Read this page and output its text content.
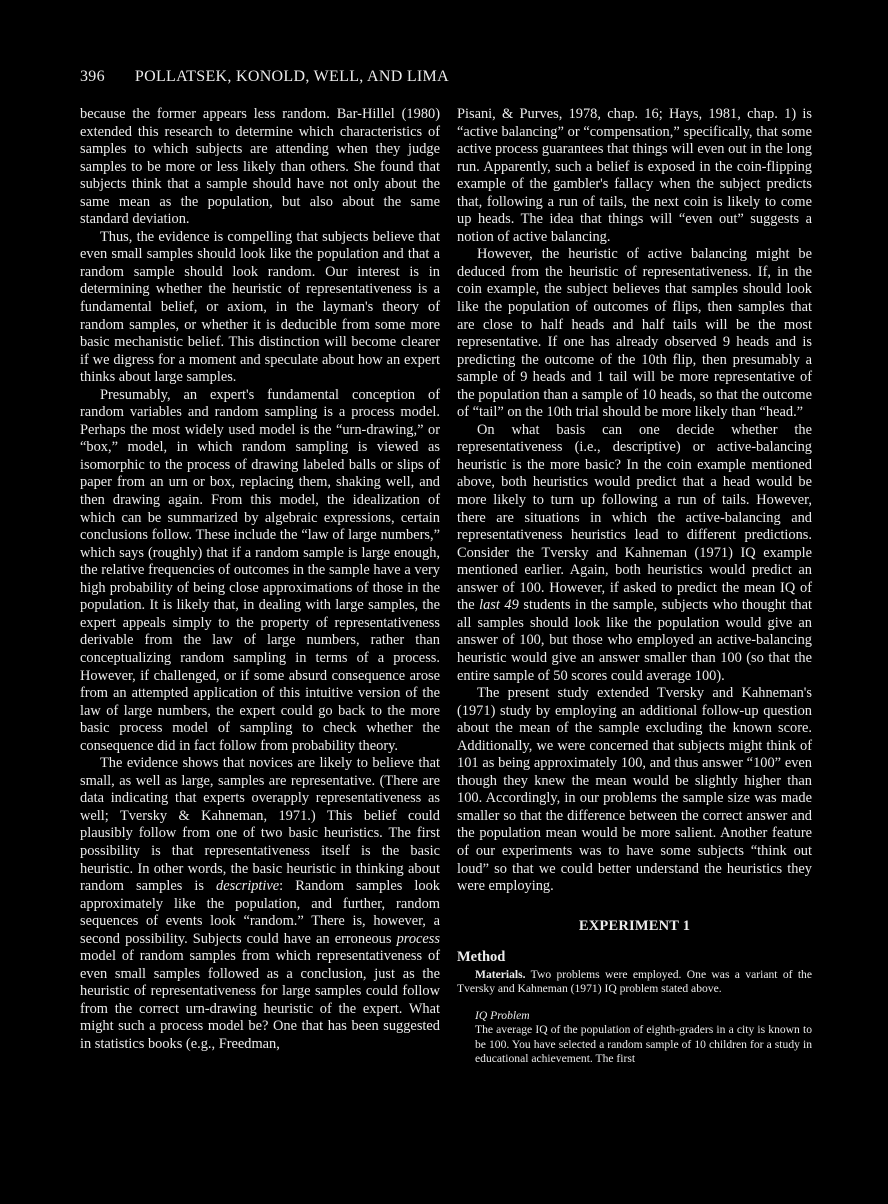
396 POLLATSEK, KONOLD, WELL, AND LIMA

because the former appears less random. Bar-Hillel (1980) extended this research to determine which characteristics of samples to which subjects are attending when they judge samples to be more or less likely than others. She found that subjects think that a sample should have not only about the same mean as the population, but also about the same standard deviation.

Thus, the evidence is compelling that subjects believe that even small samples should look like the population and that a random sample should look random. Our interest is in determining whether the heuristic of representativeness is a fundamental belief, or axiom, in the layman's theory of random samples, or whether it is deducible from some more basic mechanistic belief. This distinction will become clearer if we digress for a moment and speculate about how an expert thinks about large samples.

Presumably, an expert's fundamental conception of random variables and random sampling is a process model. Perhaps the most widely used model is the “urn-drawing,” or “box,” model, in which random sampling is viewed as isomorphic to the process of drawing labeled balls or slips of paper from an urn or box, replacing them, shaking well, and then drawing again. From this model, the idealization of which can be summarized by algebraic expressions, certain conclusions follow. These include the “law of large numbers,” which says (roughly) that if a random sample is large enough, the relative frequencies of outcomes in the sample have a very high probability of being close approximations of those in the population. It is likely that, in dealing with large samples, the expert appeals simply to the property of representativeness derivable from the law of large numbers, rather than conceptualizing random sampling in terms of a process. However, if challenged, or if some absurd consequence arose from an attempted application of this intuitive version of the law of large numbers, the expert could go back to the more basic process model of sampling to check whether the consequence did in fact follow from probability theory.

The evidence shows that novices are likely to believe that small, as well as large, samples are representative. (There are data indicating that experts overapply representativeness as well; Tversky & Kahneman, 1971.) This belief could plausibly follow from one of two basic heuristics. The first possibility is that representativeness itself is the basic heuristic. In other words, the basic heuristic in thinking about random samples is descriptive: Random samples look approximately like the population, and further, random sequences of events look “random.” There is, however, a second possibility. Subjects could have an erroneous process model of random samples from which representativeness of even small samples followed as a conclusion, just as the heuristic of representativeness for large samples could follow from the correct urn-drawing heuristic of the expert. What might such a process model be? One that has been suggested in statistics books (e.g., Freedman,

Pisani, & Purves, 1978, chap. 16; Hays, 1981, chap. 1) is “active balancing” or “compensation,” specifically, that some active process guarantees that things will even out in the long run. Apparently, such a belief is exposed in the coin-flipping example of the gambler's fallacy when the subject predicts that, following a run of tails, the next coin is likely to come up heads. The idea that things will “even out” suggests a notion of active balancing.

However, the heuristic of active balancing might be deduced from the heuristic of representativeness. If, in the coin example, the subject believes that samples should look like the population of outcomes of flips, then samples that are close to half heads and half tails will be the most representative. If one has already observed 9 heads and is predicting the outcome of the 10th flip, then presumably a sample of 9 heads and 1 tail will be more representative of the population than a sample of 10 heads, so that the outcome of “tail” on the 10th trial should be more likely than “head.”

On what basis can one decide whether the representativeness (i.e., descriptive) or active-balancing heuristic is the more basic? In the coin example mentioned above, both heuristics would predict that a head would be more likely to turn up following a run of tails. However, there are situations in which the active-balancing and representativeness heuristics lead to different predictions. Consider the Tversky and Kahneman (1971) IQ example mentioned earlier. Again, both heuristics would predict an answer of 100. However, if asked to predict the mean IQ of the last 49 students in the sample, subjects who thought that all samples should look like the population would give an answer of 100, but those who employed an active-balancing heuristic would give an answer smaller than 100 (so that the entire sample of 50 scores could average 100).

The present study extended Tversky and Kahneman's (1971) study by employing an additional follow-up question about the mean of the sample excluding the known score. Additionally, we were concerned that subjects might think of 101 as being approximately 100, and thus answer “100” even though they knew the mean would be slightly higher than 100. Accordingly, in our problems the sample size was made smaller so that the difference between the correct answer and the population mean would be more salient. Another feature of our experiments was to have some subjects “think out loud” so that we could better understand the heuristics they were employing.

EXPERIMENT 1
Method

Materials. Two problems were employed. One was a variant of the Tversky and Kahneman (1971) IQ problem stated above.

IQ Problem

The average IQ of the population of eighth-graders in a city is known to be 100. You have selected a random sample of 10 children for a study in educational achievement. The first
